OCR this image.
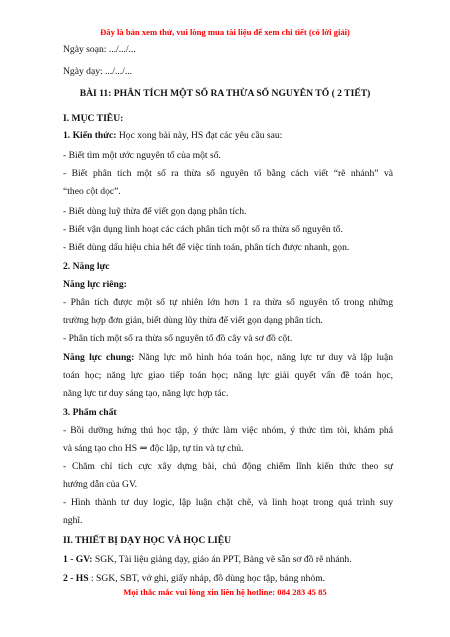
Đây là bản xem thử, vui lòng mua tài liệu để xem chi tiết (có lời giải)
Ngày soạn: .../.../...
Ngày dạy: .../.../...
BÀI 11: PHÂN TÍCH MỘT SỐ RA THỪA SỐ NGUYÊN TỐ ( 2 TIẾT)
I. MỤC TIÊU:
1. Kiến thức: Học xong bài này, HS đạt các yêu cầu sau:
- Biết tìm một ước nguyên tố của một số.
- Biết phân tích một số ra thừa số nguyên tố bằng cách viết “rẽ nhánh” và
“theo cột dọc”.
- Biết dùng luỹ thừa để viết gọn dạng phân tích.
- Biết vận dụng linh hoạt các cách phân tích một số ra thừa số nguyên tố.
- Biết dùng dấu hiệu chia hết để việc tính toán, phân tích được nhanh, gọn.
2. Năng lực
Năng lực riêng:
- Phân tích được một số tự nhiên lớn hơn 1 ra thừa số nguyên tố trong những
trường hợp đơn giản, biết dùng lũy thừa để viết gọn dạng phân tích.
- Phân tích một số ra thừa số nguyên tố đồ cây và sơ đồ cột.
Năng lực chung: Năng lực mô hình hóa toán học, năng lực tư duy và lập luận
toán học; năng lực giao tiếp toán học; năng lực giải quyết vấn đề toán học,
năng lực tư duy sáng tạo, năng lực hợp tác.
3. Phẩm chất
- Bồi dưỡng hứng thú học tập, ý thức làm việc nhóm, ý thức tìm tòi, khám phá
và sáng tạo cho HS ⇒ độc lập, tự tin và tự chủ.
- Chăm chỉ tích cực xây dựng bài, chủ động chiếm lĩnh kiến thức theo sự
hướng dẫn của GV.
- Hình thành tư duy logic, lập luận chặt chẽ, và linh hoạt trong quá trình suy
nghĩ.
II. THIẾT BỊ DẠY HỌC VÀ HỌC LIỆU
1 - GV: SGK, Tài liệu giảng dạy, giáo án PPT, Bảng vẽ sẵn sơ đồ rẽ nhánh.
2 - HS : SGK, SBT, vở ghi, giấy nháp, đồ dùng học tập, bảng nhóm.
Mọi thắc mắc vui lòng xin liên hệ hotline: 084 283 45 85
